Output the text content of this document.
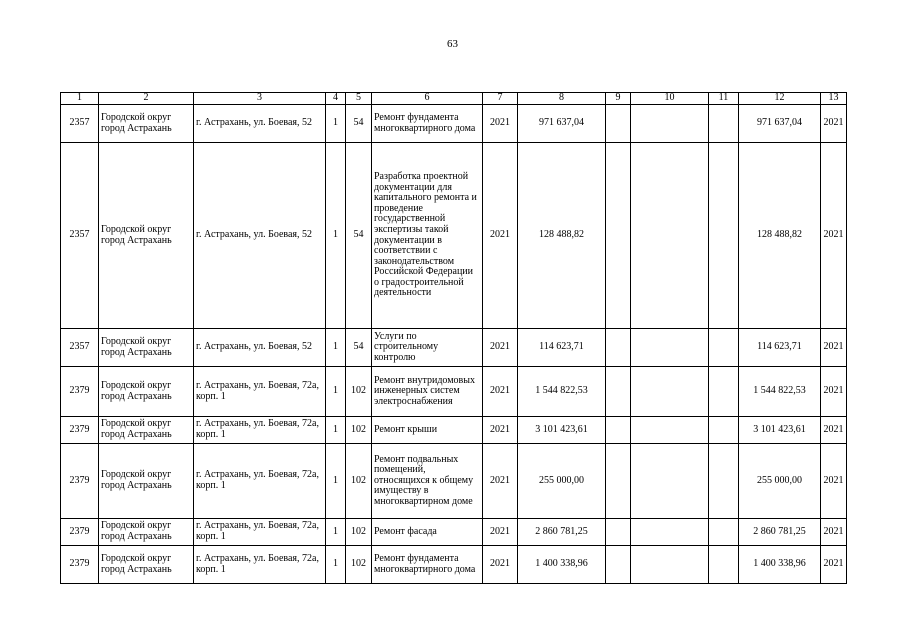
63
1	2	3	4	5	6	7	8	9	10	11	12	13
2357	Городской округ город Астрахань	г. Астрахань, ул. Боевая, 52	1	54	Ремонт фундамента многоквартирного дома	2021	971 637,04				971 637,04	2021
2357	Городской округ город Астрахань	г. Астрахань, ул. Боевая, 52	1	54	Разработка проектной документации для капитального ремонта и проведение государственной экспертизы такой документации в соответствии с законодательством Российской Федерации о градостроительной деятельности	2021	128 488,82				128 488,82	2021
2357	Городской округ город Астрахань	г. Астрахань, ул. Боевая, 52	1	54	Услуги по строительному контролю	2021	114 623,71				114 623,71	2021
2379	Городской округ город Астрахань	г. Астрахань, ул. Боевая, 72а, корп. 1	1	102	Ремонт внутридомовых инженерных систем электроснабжения	2021	1 544 822,53				1 544 822,53	2021
2379	Городской округ город Астрахань	г. Астрахань, ул. Боевая, 72а, корп. 1	1	102	Ремонт крыши	2021	3 101 423,61				3 101 423,61	2021
2379	Городской округ город Астрахань	г. Астрахань, ул. Боевая, 72а, корп. 1	1	102	Ремонт подвальных помещений, относящихся к общему имуществу в многоквартирном доме	2021	255 000,00				255 000,00	2021
2379	Городской округ город Астрахань	г. Астрахань, ул. Боевая, 72а, корп. 1	1	102	Ремонт фасада	2021	2 860 781,25				2 860 781,25	2021
2379	Городской округ город Астрахань	г. Астрахань, ул. Боевая, 72а, корп. 1	1	102	Ремонт фундамента многоквартирного дома	2021	1 400 338,96				1 400 338,96	2021
